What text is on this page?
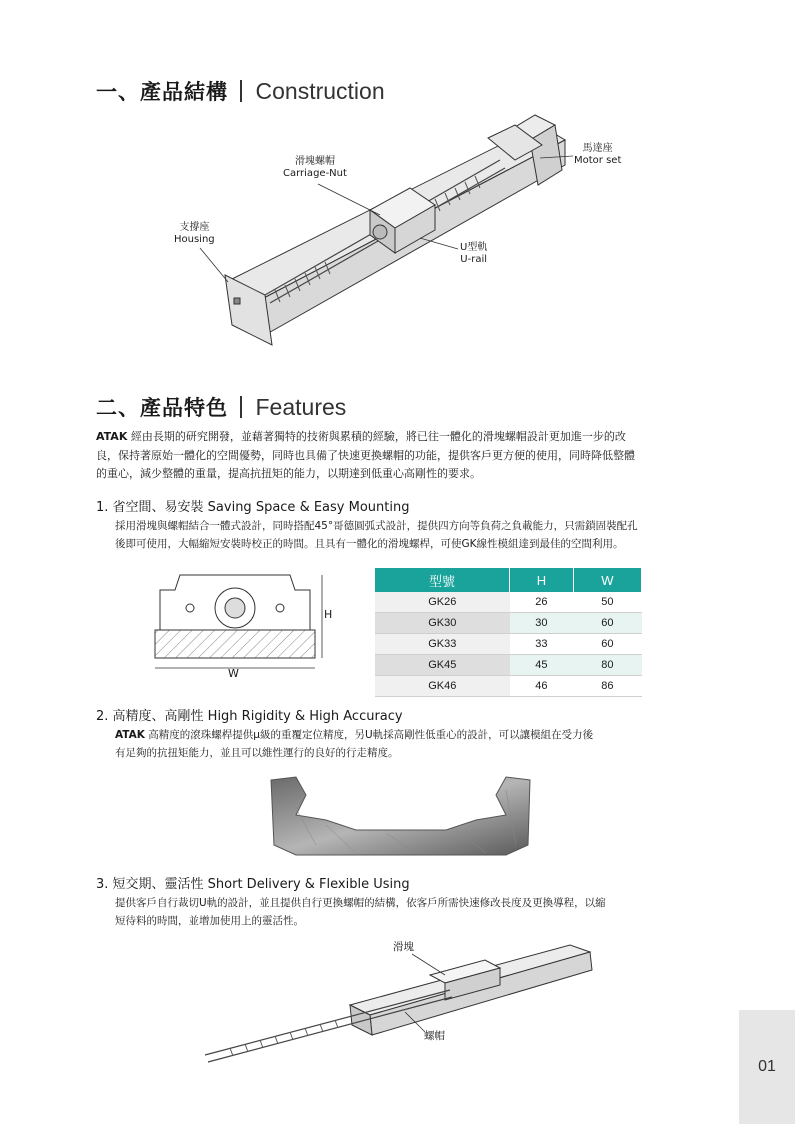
一、產品結構 Construction
滑塊螺帽
Carriage-Nut
馬達座
Motor set
支撐座
Housing
U型軌
U-rail
二、產品特色 Features
ATAK 經由長期的研究開發，並藉著獨特的技術與累積的經驗，將已往一體化的滑塊螺帽設計更加進一步的改
良，保持著原始一體化的空間優勢，同時也具備了快速更換螺帽的功能，提供客戶更方便的使用，同時降低整體
的重心，減少整體的重量，提高抗扭矩的能力，以期達到低重心高剛性的要求。
1. 省空間、易安裝 Saving Space & Easy Mounting
採用滑塊與螺帽結合一體式設計，同時搭配45°哥德圓弧式設計，提供四方向等負荷之負載能力，只需鎖固裝配孔
後即可使用，大幅縮短安裝時校正的時間。且具有一體化的滑塊螺桿，可使GK線性模組達到最佳的空間利用。
H
W
型號	H	W
GK26	26	50
GK30	30	60
GK33	33	60
GK45	45	80
GK46	46	86
2. 高精度、高剛性 High Rigidity & High Accuracy
ATAK 高精度的滾珠螺桿提供μ級的重覆定位精度，另U軌採高剛性低重心的設計，可以讓模組在受力後
有足夠的抗扭矩能力，並且可以維性運行的良好的行走精度。
3. 短交期、靈活性 Short Delivery & Flexible Using
提供客戶自行裁切U軌的設計，並且提供自行更換螺帽的結構，依客戶所需快速修改長度及更換導程，以縮
短待料的時間，並增加使用上的靈活性。
滑塊
螺帽
01
